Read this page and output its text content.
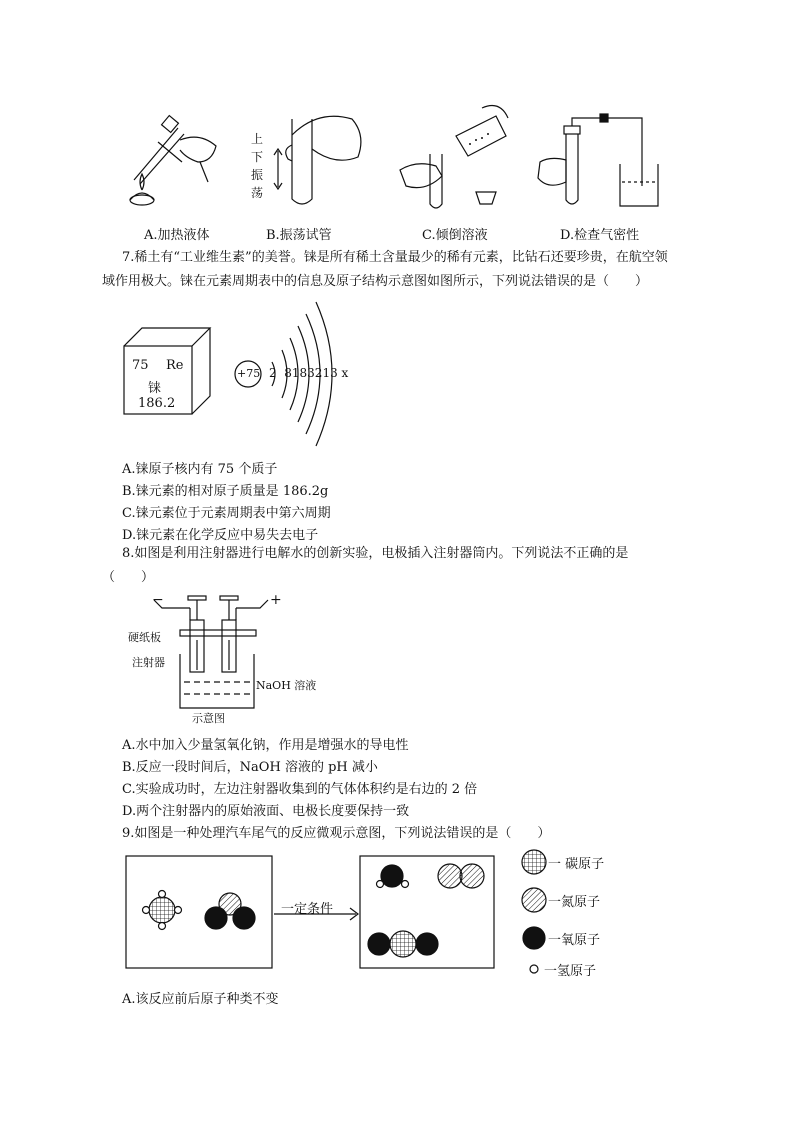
上
下
振
荡
A.加热液体	B.振荡试管	C.倾倒溶液	D.检查气密性
7.稀土有“工业维生素”的美誉。铼是所有稀土含量最少的稀有元素，比钻石还要珍贵，在航空领
域作用极大。铼在元素周期表中的信息及原子结构示意图如图所示，下列说法错误的是（　　）
75 Re
铼
186.2
+75 2  8183213 x
A.铼原子核内有 75 个质子
B.铼元素的相对原子质量是 186.2g
C.铼元素位于元素周期表中第六周期
D.铼元素在化学反应中易失去电子
8.如图是利用注射器进行电解水的创新实验，电极插入注射器筒内。下列说法不正确的是
（　　）
−	+
硬纸板
注射器
NaOH 溶液
示意图
A.水中加入少量氢氧化钠，作用是增强水的导电性
B.反应一段时间后，NaOH 溶液的 pH 减小
C.实验成功时，左边注射器收集到的气体体积约是右边的 2 倍
D.两个注射器内的原始液面、电极长度要保持一致
9.如图是一种处理汽车尾气的反应微观示意图，下列说法错误的是（　　）
一定条件
一 碳原子
一氮原子
一氧原子
一氢原子
A.该反应前后原子种类不变
